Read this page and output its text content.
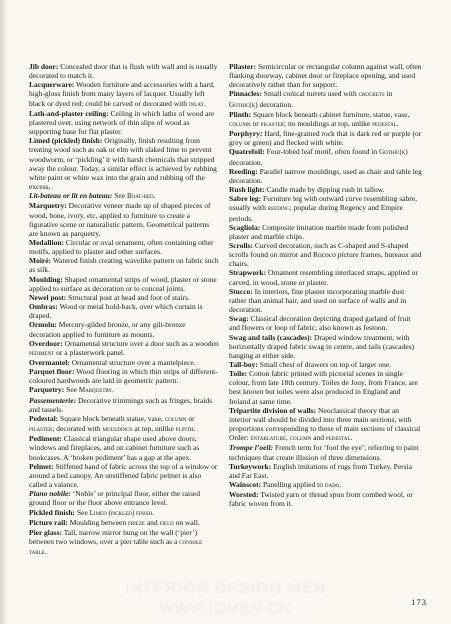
Jib door: Concealed door that is flush with wall and is usually decorated to match it.

Lacquerware: Wooden furniture and accessories with a hard, high-gloss finish from many layers of lacquer. Usually left black or dyed red; could be carved or decorated with inlay.

Lath-and-plaster ceiling: Ceiling in which laths of wood are plastered over, using network of thin slips of wood as supporting base for flat plaster.

Limed (pickled) finish: Originally, finish resulting from treating wood such as oak or elm with slaked lime to prevent woodworm, or ‘pickling’ it with harsh chemicals that stripped away the colour. Today, a similar effect is achieved by rubbing white paint or white wax into the grain and rubbing off the excess.

Lit-bateau or lit en bateau: See Boat-bed.

Marquetry: Decorative veneer made up of shaped pieces of wood, bone, ivory, etc, applied to furniture to create a figurative scene or naturalistic pattern. Geometrical patterns are known as parquetry.

Medallion: Circular or oval ornament, often containing other motifs, applied to plaster and other surfaces.

Moiré: Watered finish creating wavelike pattern on fabric such as silk.

Moulding: Shaped ornamental strips of wood, plaster or stone applied to surface as decoration or to conceal joints.

Newel post: Structural post at head and foot of stairs.

Ombras: Wood or metal hold-back, over which curtain is draped.

Ormolu: Mercury-gilded bronze, or any gilt-bronze decoration applied to furniture as mounts.

Overdoor: Ornamental structure over a door such as a wooden pediment or a plasterwork panel.

Overmantel: Ornamental structure over a mantelpiece.

Parquet floor: Wood flooring in which thin strips of different-coloured hardwoods are laid in geometric pattern.

Parquetry: See Marquetry.

Passementerie: Decorative trimmings such as fringes, braids and tassels.

Pedestal: Square block beneath statue, vase, column or pilaster; decorated with mouldings at top, unlike plinth.

Pediment: Classical triangular shape used above doors, windows and fireplaces, and on cabinet furniture such as bookcases. A ‘broken pediment’ has a gap at the apex.

Pelmet: Stiffened band of fabric across the top of a window or around a bed canopy. An unstiffened fabric pelmet is also called a valance.

Piano nobile: ‘Noble’ or principal floor, either the raised ground floor or the floor above entrance level.

Pickled finish: See Limed (pickled) finish.

Picture rail: Moulding between frieze and field on wall.

Pier glass: Tall, narrow mirror hung on the wall (‘pier’) between two windows, over a pier table such as a console table.

Pilaster: Semicircular or rectangular column against wall, often flanking doorway, cabinet door or fireplace opening, and used decoratively rather than for support.

Pinnacles: Small conical turrets used with crockets in Gothic(k) decoration.

Plinth: Square block beneath cabinet furniture, statue, vase, column or pilaster; no mouldings at top, unlike pedestal.

Porphyry: Hard, fine-grained rock that is dark red or purple (or grey or green) and flecked with white.

Quatrefoil: Four-lobed leaf motif, often found in Gothic(k) decoration.

Reeding: Parallel narrow mouldings, used as chair and table leg decoration.

Rush light: Candle made by dipping rush in tallow.

Sabre leg: Furniture leg with outward curve resembling sabre, usually with reeding; popular during Regency and Empire periods.

Scagliola: Composite imitation marble made from polished plaster and marble chips.

Scrolls: Curved decoration, such as C-shaped and S-shaped scrolls found on mirror and Rococo picture frames, bureaux and chairs.

Strapwork: Ornament resembling interlaced straps, applied or carved, in wood, stone or plaster.

Stucco: In interiors, fine plaster incorporating marble dust rather than animal hair, and used on surface of walls and in decoration.

Swag: Classical decoration depicting draped garland of fruit and flowers or loop of fabric; also known as festoon.

Swag and tails (cascades): Draped window treatment, with horizontally draped fabric swag in centre, and tails (cascades) hanging at either side.

Tall-boy: Small chest of drawers on top of larger one.

Toile: Cotton fabric printed with pictorial scenes in single colour, from late 18th century. Toiles de Jouy, from France, are best known but toiles were also produced in England and Ireland at same time.

Tripartite division of walls: Neoclassical theory that an interior wall should be divided into three main sections, with proportions corresponding to those of main sections of classical Order: entablature, column and pedestal.

Trompe l’oeil: French term for ‘fool the eye’, referring to paint techniques that create illusion of three dimensions.

Turkeywork: English imitations of rugs from Turkey, Persia and Far East.

Wainscot: Panelling applied to dado.

Worsted: Twisted yarn or thread spun from combed wool, or fabric woven from it.

INTERIOR DESIGN MEN
WWW.IDMEN.CN	173
